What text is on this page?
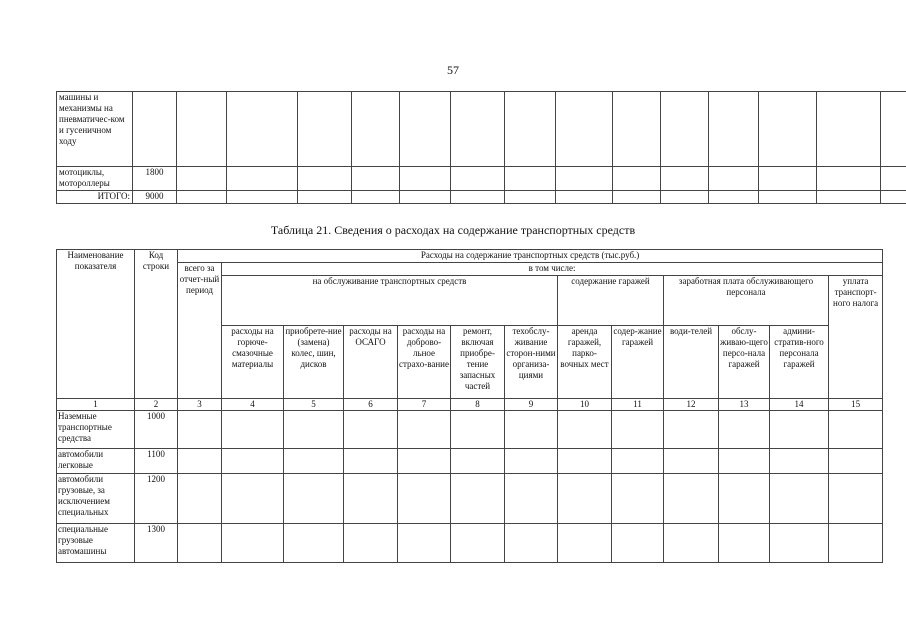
57
машины и механизмы на пневматичес-ком и гусеничном ходу															
мотоциклы, мотороллеры	1800														
ИТОГО:	9000														
Таблица 21. Сведения о расходах на содержание транспортных средств
Наименование показателя	Код строки	Расходы на содержание транспортных средств (тыс.руб.)												
		всего за отчет-ный период	в том числе:											
			на обслуживание транспортных средств						содержание гаражей		заработная плата обслуживающего персонала			уплата транспорт-ного налога
			расходы на горюче-смазочные материалы	приобрете-ние (замена) колес, шин, дисков	расходы на ОСАГО	расходы на доброво-льное страхо-вание	ремонт, включая приобре-тение запасных частей	техобслу-живание сторон-ними организа-циями	аренда гаражей, парко-вочных мест	содер-жание гаражей	води-телей	обслу-живаю-щего персо-нала гаражей	админи-стратив-ного персонала гаражей	
1	2	3	4	5	6	7	8	9	10	11	12	13	14	15
Наземные транспортные средства	1000													
автомобили легковые	1100													
автомобили грузовые, за исключением специальных	1200													
специальные грузовые автомашины	1300													
